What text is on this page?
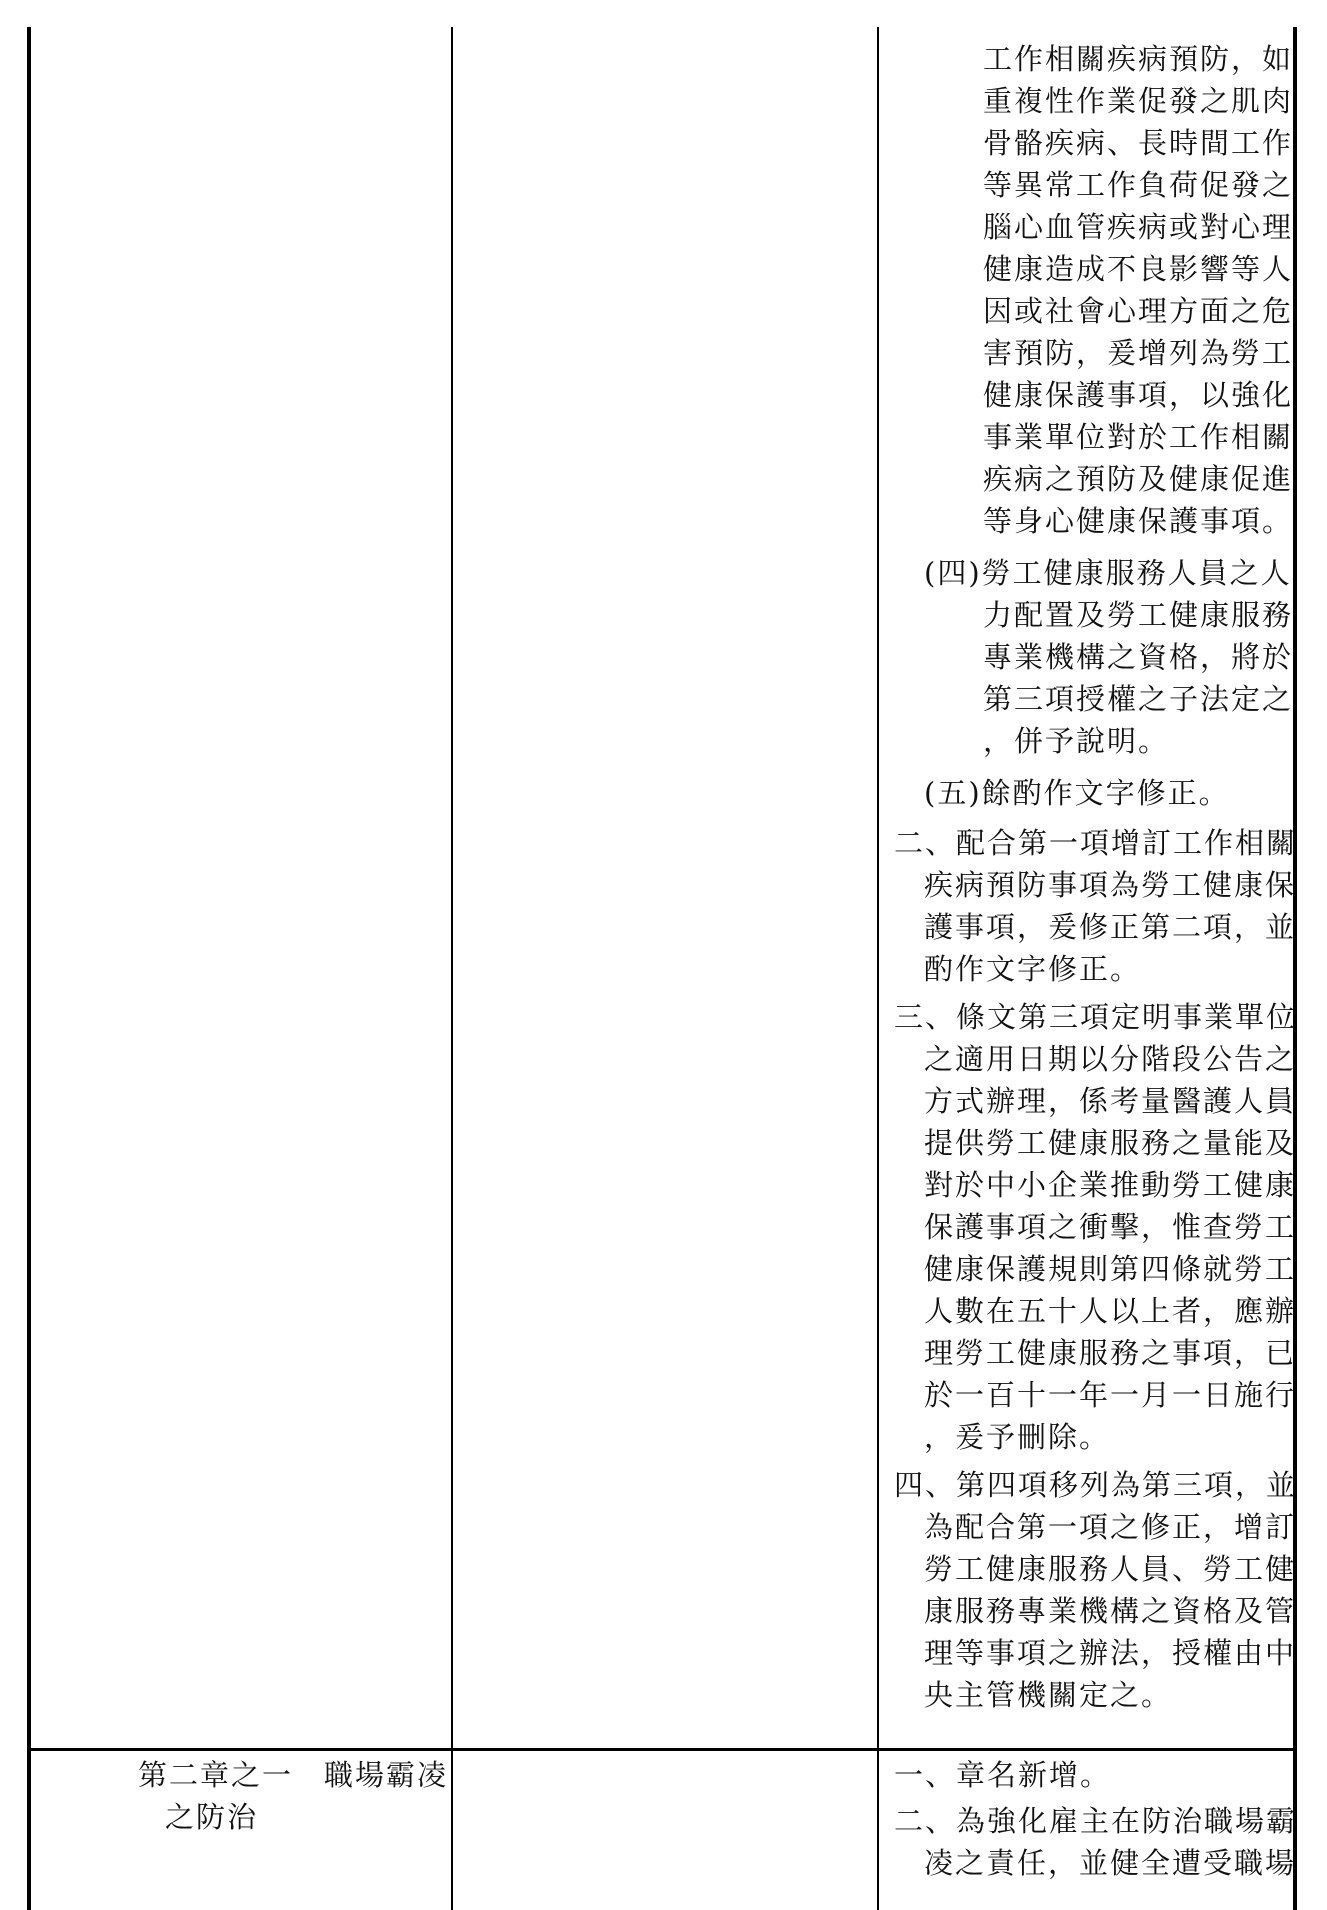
工作相關疾病預防，如
重複性作業促發之肌肉
骨骼疾病、長時間工作
等異常工作負荷促發之
腦心血管疾病或對心理
健康造成不良影響等人
因或社會心理方面之危
害預防，爰增列為勞工
健康保護事項，以強化
事業單位對於工作相關
疾病之預防及健康促進
等身心健康保護事項。
(四)勞工健康服務人員之人
力配置及勞工健康服務
專業機構之資格，將於
第三項授權之子法定之
，併予說明。
(五)餘酌作文字修正。
二、配合第一項增訂工作相關
疾病預防事項為勞工健康保
護事項，爰修正第二項，並
酌作文字修正。
三、條文第三項定明事業單位
之適用日期以分階段公告之
方式辦理，係考量醫護人員
提供勞工健康服務之量能及
對於中小企業推動勞工健康
保護事項之衝擊，惟查勞工
健康保護規則第四條就勞工
人數在五十人以上者，應辦
理勞工健康服務之事項，已
於一百十一年一月一日施行
，爰予刪除。
四、第四項移列為第三項，並
為配合第一項之修正，增訂
勞工健康服務人員、勞工健
康服務專業機構之資格及管
理等事項之辦法，授權由中
央主管機關定之。
第二章之一　職場霸凌
之防治
一、章名新增。
二、為強化雇主在防治職場霸
凌之責任，並健全遭受職場
